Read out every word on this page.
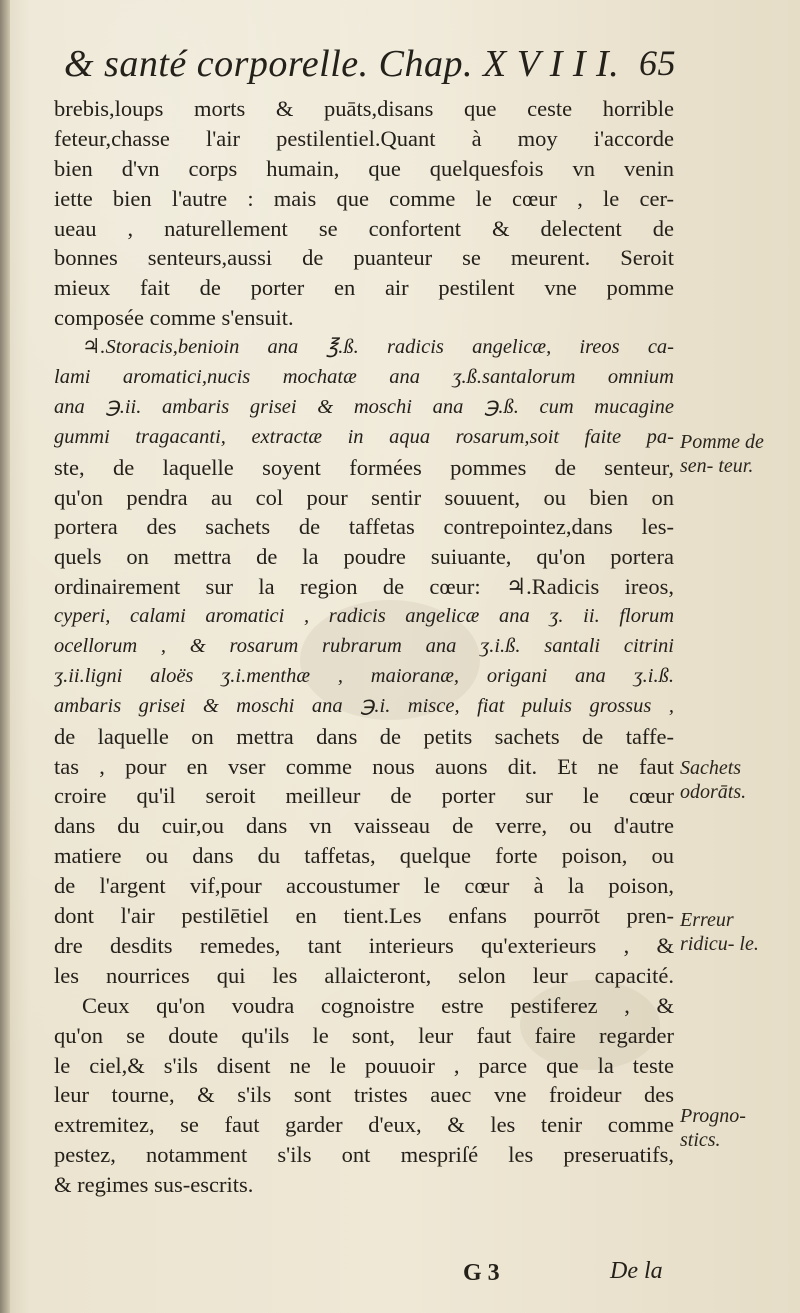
& santé corporelle. Chap. X V I I I. 65
brebis,loups morts & puāts,disans que ceste horrible
feteur,chasse l'air pestilentiel.Quant à moy i'accorde
bien d'vn corps humain, que quelquesfois vn venin
iette bien l'autre : mais que comme le cœur , le cer-
ueau , naturellement se confortent & delectent de
bonnes senteurs,aussi de puanteur se meurent. Seroit
mieux fait de porter en air pestilent vne pomme
composée comme s'ensuit.
♃.Storacis,benioin ana ℥.ß. radicis angelicæ, ireos ca-
lami aromatici,nucis mochatæ ana ʒ.ß.santalorum omnium
ana ℈.ii. ambaris grisei & moschi ana ℈.ß. cum mucagine
gummi tragacanti, extractæ in aqua rosarum,soit faite pa-
ste, de laquelle soyent formées pommes de senteur,
qu'on pendra au col pour sentir souuent, ou bien on
portera des sachets de taffetas contrepointez,dans les-
quels on mettra de la poudre suiuante, qu'on portera
ordinairement sur la region de cœur: ♃.Radicis ireos,
cyperi, calami aromatici , radicis angelicæ ana ʒ. ii. florum
ocellorum , & rosarum rubrarum ana ʒ.i.ß. santali citrini
ʒ.ii.ligni aloës ʒ.i.menthæ , maioranæ, origani ana ʒ.i.ß.
ambaris grisei & moschi ana ℈.i. misce, fiat puluis grossus ,
de laquelle on mettra dans de petits sachets de taffe-
tas , pour en vser comme nous auons dit. Et ne faut
croire qu'il seroit meilleur de porter sur le cœur
dans du cuir,ou dans vn vaisseau de verre, ou d'autre
matiere ou dans du taffetas, quelque forte poison, ou
de l'argent vif,pour accoustumer le cœur à la poison,
dont l'air pestilētiel en tient.Les enfans pourrōt pren-
dre desdits remedes, tant interieurs qu'exterieurs , &
les nourrices qui les allaicteront, selon leur capacité.
Ceux qu'on voudra cognoistre estre pestiferez , &
qu'on se doute qu'ils le sont, leur faut faire regarder
le ciel,& s'ils disent ne le pouuoir , parce que la teste
leur tourne, & s'ils sont tristes auec vne froideur des
extremitez, se faut garder d'eux, & les tenir comme
pestez, notamment s'ils ont mespriſé les preseruatifs,
& regimes sus-escrits.
Pomme de sen- teur.
Sachets odorāts.
Erreur ridicu- le.
Progno- stics.
G 3	De la
